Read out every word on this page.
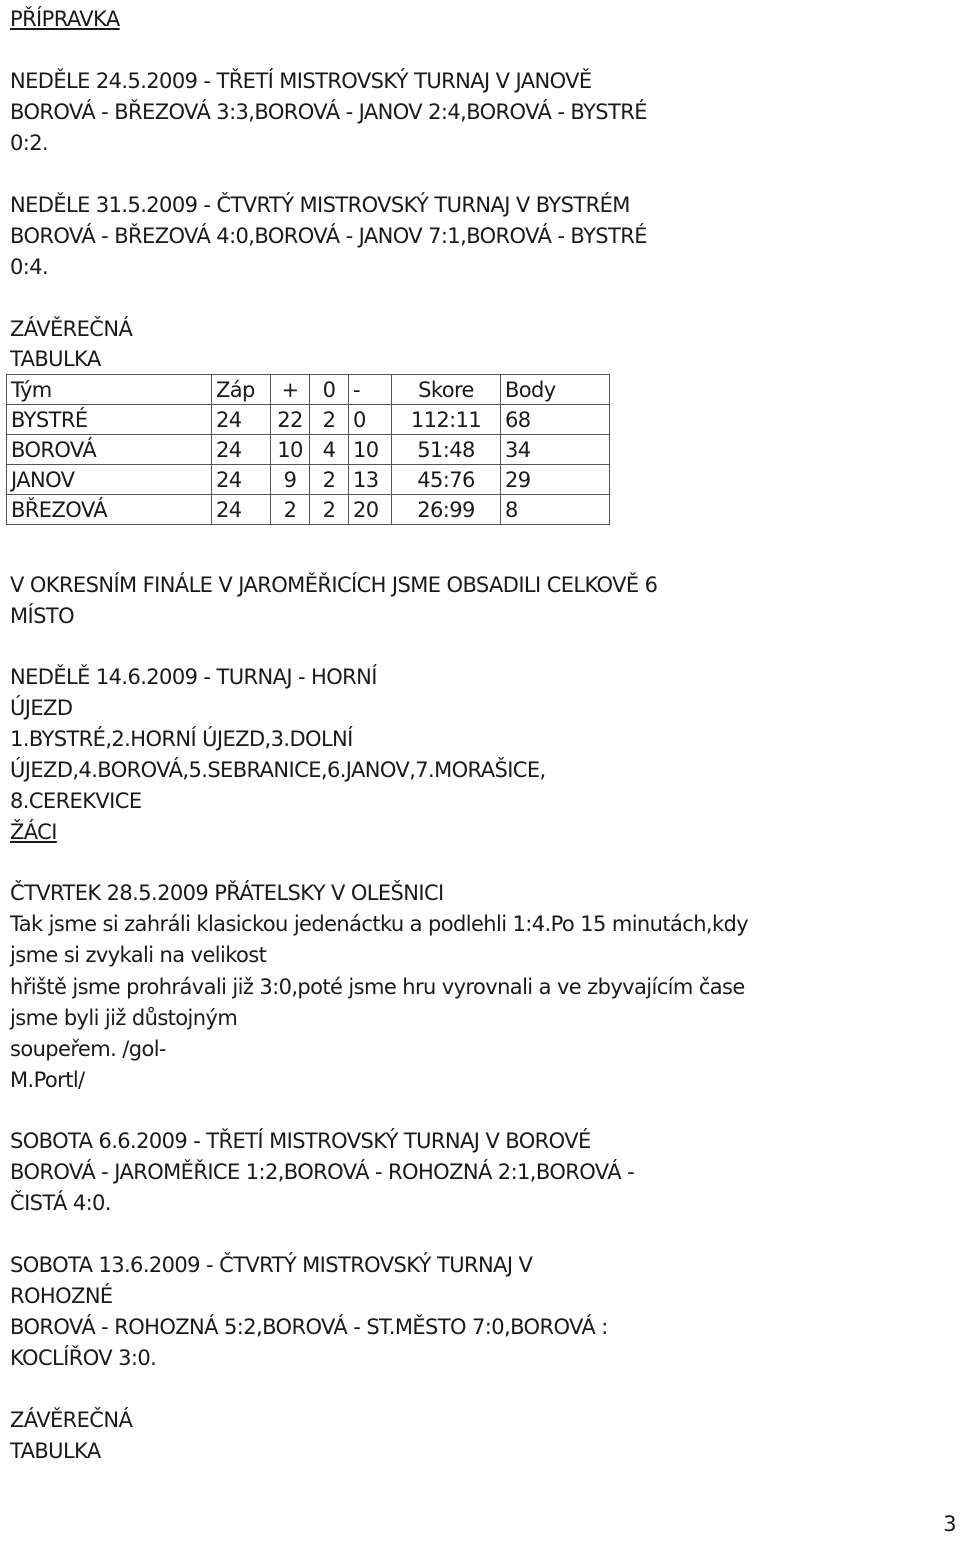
PŘÍPRAVKA
NEDĚLE 24.5.2009 - TŘETÍ MISTROVSKÝ TURNAJ V JANOVĚ
BOROVÁ - BŘEZOVÁ 3:3,BOROVÁ - JANOV 2:4,BOROVÁ - BYSTRÉ
0:2.
NEDĚLE 31.5.2009 - ČTVRTÝ MISTROVSKÝ TURNAJ V BYSTRÉM
BOROVÁ - BŘEZOVÁ 4:0,BOROVÁ - JANOV 7:1,BOROVÁ - BYSTRÉ
0:4.
ZÁVĚREČNÁ
TABULKA
Tým	Záp	+	0	-	Skore	Body
BYSTRÉ	24	22	2	0	112:11	68
BOROVÁ	24	10	4	10	51:48	34
JANOV	24	9	2	13	45:76	29
BŘEZOVÁ	24	2	2	20	26:99	8
V OKRESNÍM FINÁLE V JAROMĚŘICÍCH JSME OBSADILI CELKOVĚ 6
MÍSTO
NEDĚLĚ 14.6.2009 - TURNAJ - HORNÍ
ÚJEZD
1.BYSTRÉ,2.HORNÍ ÚJEZD,3.DOLNÍ
ÚJEZD,4.BOROVÁ,5.SEBRANICE,6.JANOV,7.MORAŠICE,
8.CEREKVICE
ŽÁCI
ČTVRTEK 28.5.2009 PŘÁTELSKY V OLEŠNICI
Tak jsme si zahráli klasickou jedenáctku a podlehli 1:4.Po 15 minutách,kdy
jsme si zvykali na velikost
hřiště jsme prohrávali již 3:0,poté jsme hru vyrovnali a ve zbyvajícím čase
jsme byli již důstojným
soupeřem. /gol-
M.Portl/
SOBOTA 6.6.2009 - TŘETÍ MISTROVSKÝ TURNAJ V BOROVÉ
BOROVÁ - JAROMĚŘICE 1:2,BOROVÁ - ROHOZNÁ 2:1,BOROVÁ -
ČISTÁ 4:0.
SOBOTA 13.6.2009 - ČTVRTÝ MISTROVSKÝ TURNAJ V
ROHOZNÉ
BOROVÁ - ROHOZNÁ 5:2,BOROVÁ - ST.MĚSTO 7:0,BOROVÁ :
KOCLÍŘOV 3:0.
ZÁVĚREČNÁ
TABULKA
3
